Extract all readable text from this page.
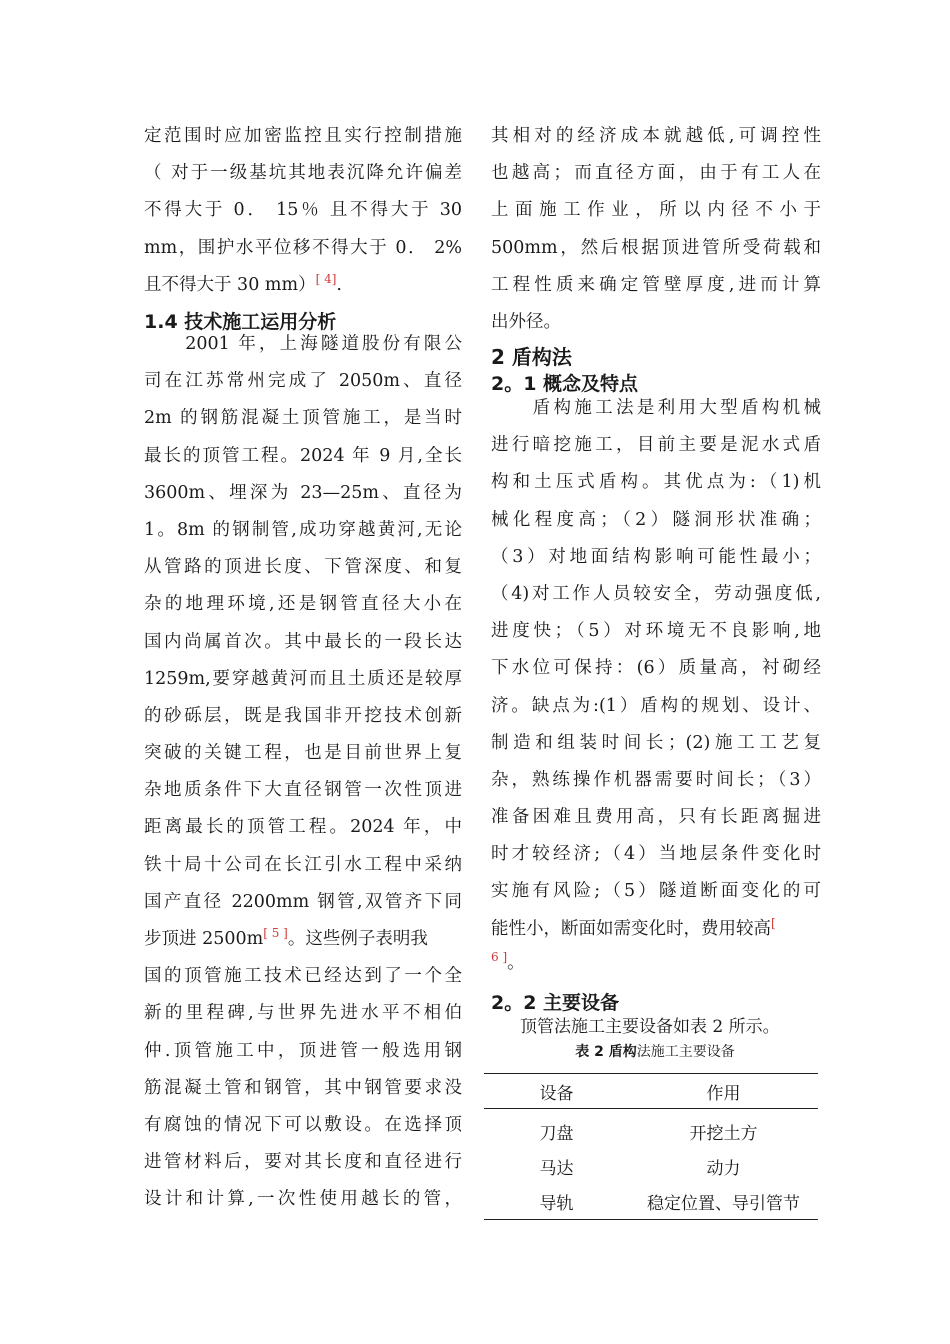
定范围时应加密监控且实行控制措施
（ 对于一级基坑其地表沉降允许偏差
不得大于 0． 15％ 且不得大于 30
mm，围护水平位移不得大于 0． 2%
且不得大于 30 mm）[ 4].
1.4 技术施工运用分析
　　2001 年，上海隧道股份有限公
司在江苏常州完成了 2050m、直径
2m 的钢筋混凝土顶管施工，是当时
最长的顶管工程。2024 年 9 月,全长
3600m、埋深为 23—25m、直径为
1。8m 的钢制管,成功穿越黄河,无论
从管路的顶进长度、下管深度、和复
杂的地理环境,还是钢管直径大小在
国内尚属首次。其中最长的一段长达
1259m,要穿越黄河而且土质还是较厚
的砂砾层，既是我国非开挖技术创新
突破的关键工程，也是目前世界上复
杂地质条件下大直径钢管一次性顶进
距离最长的顶管工程。2024 年，中
铁十局十公司在长江引水工程中采纳
国产直径 2200mm 钢管,双管齐下同
步顶进 2500m[ 5 ]。这些例子表明我
国的顶管施工技术已经达到了一个全
新的里程碑,与世界先进水平不相伯
仲.顶管施工中，顶进管一般选用钢
筋混凝土管和钢管，其中钢管要求没
有腐蚀的情况下可以敷设。在选择顶
进管材料后，要对其长度和直径进行
设计和计算,一次性使用越长的管，
其相对的经济成本就越低,可调控性
也越高；而直径方面，由于有工人在
上面施工作业，所以内径不小于
500mm，然后根据顶进管所受荷载和
工程性质来确定管壁厚度,进而计算
出外径。
2 盾构法
2。1 概念及特点
　　盾构施工法是利用大型盾构机械
进行暗挖施工，目前主要是泥水式盾
构和土压式盾构。其优点为:（1)机
械化程度高；（2）隧洞形状准确；
（3）对地面结构影响可能性最小；
（4)对工作人员较安全，劳动强度低,
进度快；（5）对环境无不良影响,地
下水位可保持：(6）质量高，衬砌经
济。缺点为:(1）盾构的规划、设计、
制造和组装时间长；(2)施工工艺复
杂，熟练操作机器需要时间长；（3）
准备困难且费用高，只有长距离掘进
时才较经济;（4）当地层条件变化时
实施有风险;（5）隧道断面变化的可
能性小，断面如需变化时，费用较高[
$^{6 ]}$。
2。2 主要设备
顶管法施工主要设备如表 2 所示。
表 2 盾构法施工主要设备
设备	作用
刀盘	开挖土方
马达	动力
导轨	稳定位置、导引管节
